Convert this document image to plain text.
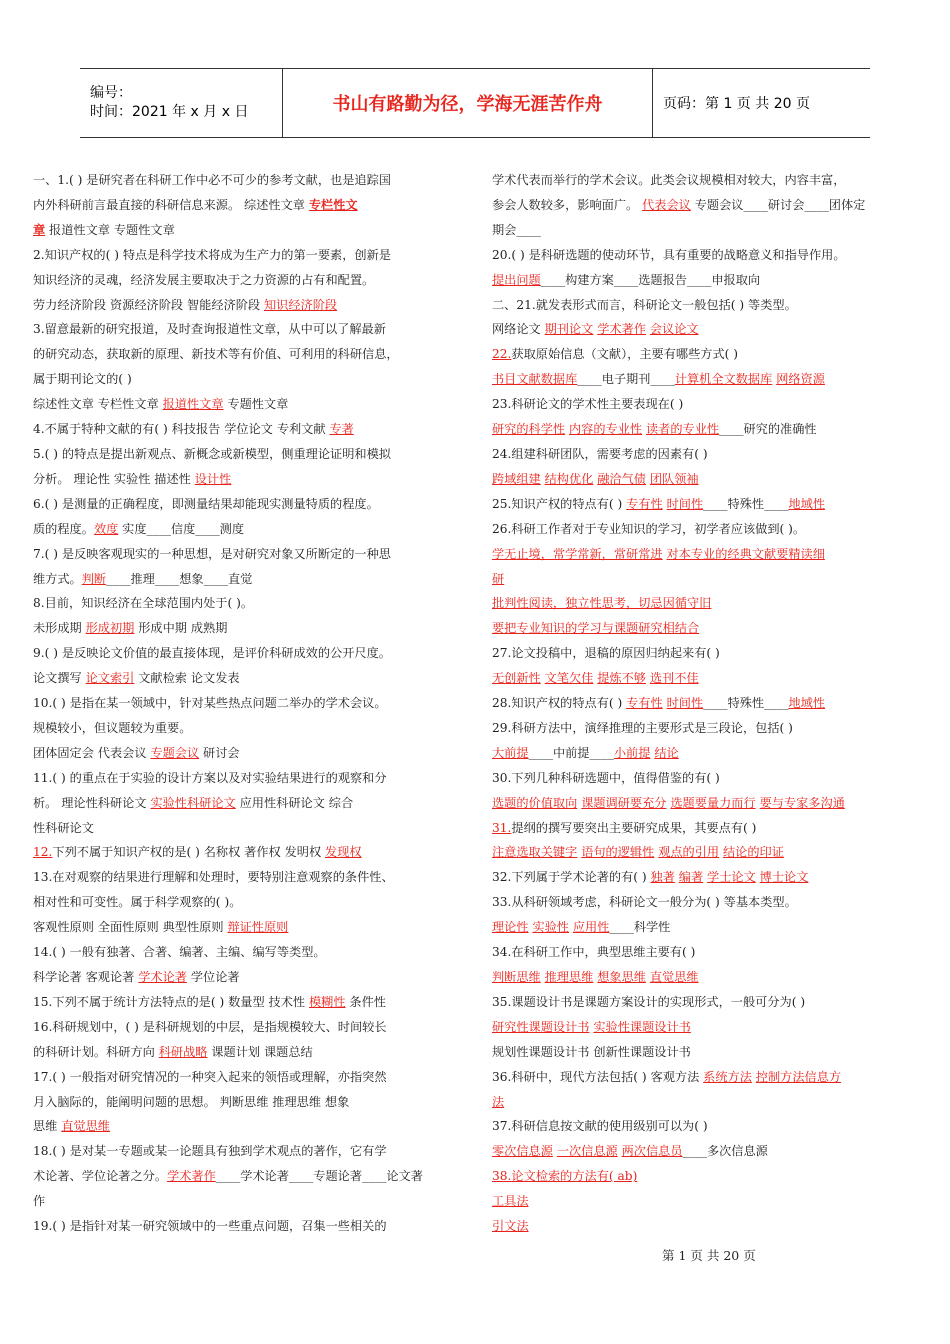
编号：
时间：2021 年 x 月 x 日	书山有路勤为径，学海无涯苦作舟	页码：第 1 页 共 20 页
一、1.( ) 是研究者在科研工作中必不可少的参考文献，也是追踪国
内外科研前言最直接的科研信息来源。 综述性文章 专栏性文
章 报道性文章 专题性文章
2.知识产权的( ) 特点是科学技术将成为生产力的第一要素，创新是
知识经济的灵魂，经济发展主要取决于之力资源的占有和配置。
劳力经济阶段 资源经济阶段 智能经济阶段 知识经济阶段
3.留意最新的研究报道，及时查询报道性文章，从中可以了解最新
的研究动态，获取新的原理、新技术等有价值、可利用的科研信息，
属于期刊论文的( )
综述性文章 专栏性文章 报道性文章 专题性文章
4.不属于特种文献的有( ) 科技报告 学位论文 专利文献 专著
5.( ) 的特点是提出新观点、新概念或新模型，侧重理论证明和模拟
分析。 理论性 实验性 描述性 设计性
6.( ) 是测量的正确程度，即测量结果却能现实测量特质的程度。
质的程度。效度 实度____信度____测度
7.( ) 是反映客观现实的一种思想，是对研究对象又所断定的一种思
维方式。判断____推理____想象____直觉
8.目前，知识经济在全球范围内处于( )。
未形成期 形成初期 形成中期 成熟期
9.( ) 是反映论文价值的最直接体现，是评价科研成效的公开尺度。
论文撰写 论文索引 文献检索 论文发表
10.( ) 是指在某一领域中，针对某些热点问题二举办的学术会议。
规模较小，但议题较为重要。
团体固定会 代表会议 专题会议 研讨会
11.( ) 的重点在于实验的设计方案以及对实验结果进行的观察和分
析。 理论性科研论文 实验性科研论文 应用性科研论文 综合
性科研论文
12.下列不属于知识产权的是( ) 名称权 著作权 发明权 发现权
13.在对观察的结果进行理解和处理时，要特别注意观察的条件性、
相对性和可变性。属于科学观察的( )。
客观性原则 全面性原则 典型性原则 辩证性原则
14.( ) 一般有独著、合著、编著、主编、编写等类型。
科学论著 客观论著 学术论著 学位论著
15.下列不属于统计方法特点的是( ) 数量型 技术性 模糊性 条件性
16.科研规划中，( ) 是科研规划的中层，是指规模较大、时间较长
的科研计划。科研方向 科研战略 课题计划 课题总结
17.( ) 一般指对研究情况的一种突入起来的领悟或理解，亦指突然
月入脑际的，能阐明问题的思想。 判断思维 推理思维 想象
思维 直觉思维
18.( ) 是对某一专题或某一论题具有独到学术观点的著作，它有学
术论著、学位论著之分。学术著作____学术论著____专题论著____论文著
作
19.( ) 是指针对某一研究领域中的一些重点问题，召集一些相关的
学术代表而举行的学术会议。此类会议规模相对较大，内容丰富，
参会人数较多，影响面广。 代表会议 专题会议____研讨会____团体定
期会____
20.( ) 是科研选题的使动环节，具有重要的战略意义和指导作用。
提出问题____构建方案____选题报告____申报取向
二、21.就发表形式而言，科研论文一般包括( ) 等类型。
网络论文 期刊论文 学术著作 会议论文
22.获取原始信息（文献），主要有哪些方式( )
书目文献数据库____电子期刊____计算机全文数据库 网络资源
23.科研论文的学术性主要表现在( )
研究的科学性 内容的专业性 读者的专业性____研究的准确性
24.组建科研团队，需要考虑的因素有( )
跨域组建 结构优化 融洽气债 团队领袖
25.知识产权的特点有( ) 专有性 时间性____特殊性____地域性
26.科研工作者对于专业知识的学习，初学者应该做到( )。
学无止境，常学常新，常研常进 对本专业的经典文献要精读细
研
批判性阅读，独立性思考，切忌因循守旧
要把专业知识的学习与课题研究相结合
27.论文投稿中，退稿的原因归纳起来有( )
无创新性 文笔欠佳 提炼不够 选刊不佳
28.知识产权的特点有( ) 专有性 时间性____特殊性____地域性
29.科研方法中，演绎推理的主要形式是三段论，包括( )
大前提____中前提____小前提 结论
30.下列几种科研选题中，值得借鉴的有( )
选题的价值取向 课题调研要充分 选题要量力而行 要与专家多沟通
31.提纲的撰写要突出主要研究成果，其要点有( )
注意选取关键字 语句的逻辑性 观点的引用 结论的印证
32.下列属于学术论著的有( ) 独著 编著 学士论文 博士论文
33.从科研领域考虑，科研论文一般分为( ) 等基本类型。
理论性 实验性 应用性____科学性
34.在科研工作中，典型思维主要有( )
判断思维 推理思维 想象思维 直觉思维
35.课题设计书是课题方案设计的实现形式，一般可分为( )
研究性课题设计书 实验性课题设计书
规划性课题设计书 创新性课题设计书
36.科研中，现代方法包括( ) 客观方法 系统方法 控制方法信息方
法
37.科研信息按文献的使用级别可以为( )
零次信息源 一次信息源 两次信息员____多次信息源
38.论文检索的方法有( ab)
工具法
引文法
第 1 页 共 20 页
